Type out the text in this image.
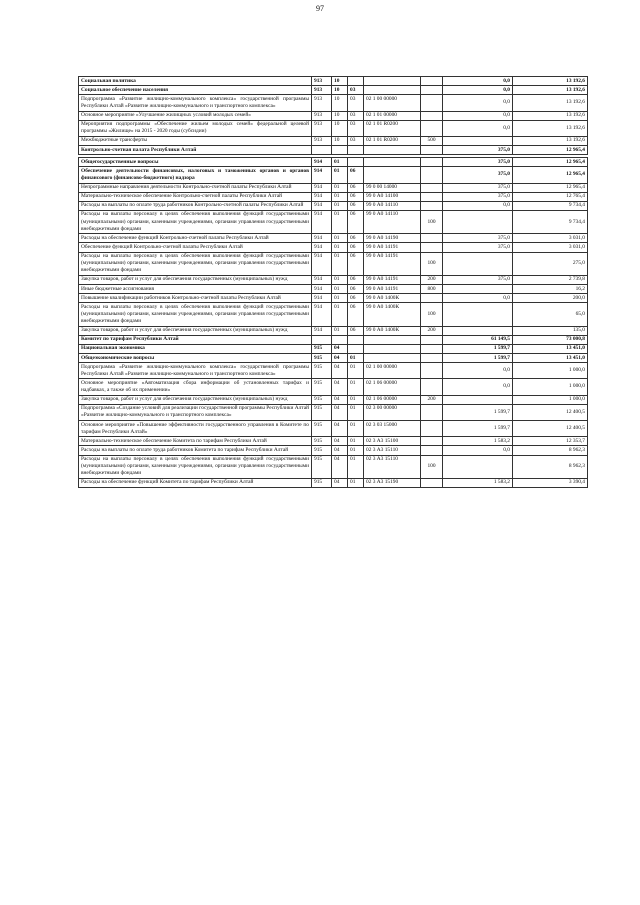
97
Социальная политика	913	10				0,0	13 192,6
Социальное обеспечение населения	913	10	03			0,0	13 192,6
Подпрограмма «Развитие жилищно-коммунального комплекса» государственной программы Республики Алтай «Развитие жилищно-коммунального и транспортного комплекса»	913	10	03	02 1 00 00000		0,0	13 192,6
Основное мероприятие «Улучшение жилищных условий молодых семей»	913	10	03	02 1 01 00000		0,0	13 192,6
Мероприятия подпрограммы «Обеспечение жильем молодых семей» федеральной целевой программы «Жилище» на 2015 - 2020 годы (субсидии)	913	10	03	02 1 01 R0200		0,0	13 192,6
Межбюджетные трансферты	913	10	03	02 1 01 R0200	500		13 192,6
Контрольно-счетная палата Республики Алтай						375,0	12 965,4

Общегосударственные вопросы	914	01				375,0	12 965,4
Обеспечение деятельности финансовых, налоговых и таможенных органов и органов финансового (финансово-бюджетного) надзора	914	01	06			375,0	12 965,4
Непрограммные направления деятельности Контрольно-счетной палаты Республики Алтай	914	01	06	99 0 00 14000		375,0	12 965,4
Материально-техническое обеспечение Контрольно-счетной палаты Республики Алтай	914	01	06	99 0 А0 14100		375,0	12 765,4
Расходы на выплаты по оплате труда работников Контрольно-счетной палаты Республики Алтай	914	01	06	99 0 А0 14110		0,0	9 734,4
Расходы на выплаты персоналу в целях обеспечения выполнения функций государственными (муниципальными) органами, казенными учреждениями, органами управления государственными внебюджетными фондами	914	01	06	99 0 А0 14110	100		9 734,4
Расходы на обеспечение функций Контрольно-счетной палаты Республики Алтай	914	01	06	99 0 А0 14190		375,0	3 031,0
Обеспечение функций Контрольно-счетной палаты Республики Алтай	914	01	06	99 0 А0 14191		375,0	3 031,0
Расходы на выплаты персоналу в целях обеспечения выполнения функций государственными (муниципальными) органами, казенными учреждениями, органами управления государственными внебюджетными фондами	914	01	06	99 0 А0 14191	100		275,0
Закупка товаров, работ и услуг для обеспечения государственных (муниципальных) нужд	914	01	06	99 0 А0 14191	200	375,0	2 739,8
Иные бюджетные ассигнования	914	01	06	99 0 А0 14191	800		16,2
Повышение квалификации работников Контрольно-счетной палаты Республики Алтай	914	01	06	99 0 А0 1400К		0,0	200,0
Расходы на выплаты персоналу в целях обеспечения выполнения функций государственными (муниципальными) органами, казенными учреждениями, органами управления государственными внебюджетными фондами	914	01	06	99 0 А0 1400К	100		65,0
Закупка товаров, работ и услуг для обеспечения государственных (муниципальных) нужд	914	01	06	99 0 А0 1400К	200		135,0
Комитет по тарифам Республики Алтай						61 149,5	73 000,8
Национальная экономика	915	04				1 599,7	13 451,0
Общеэкономические вопросы	915	04	01			1 599,7	13 451,0
Подпрограмма «Развитие жилищно-коммунального комплекса» государственной программы Республики Алтай «Развитие жилищно-коммунального и транспортного комплекса»	915	04	01	02 1 00 00000		0,0	1 000,0
Основное мероприятие «Автоматизация сбора информации об установленных тарифах и надбавках, а также об их применении»	915	04	01	02 1 06 00000		0,0	1 000,0
Закупка товаров, работ и услуг для обеспечения государственных (муниципальных) нужд	915	04	01	02 1 06 00000	200		1 000,0
Подпрограмма «Создание условий для реализации государственной программы Республики Алтай «Развитие жилищно-коммунального и транспортного комплекса»	915	04	01	02 3 00 00000		1 599,7	12 400,5
Основное мероприятие «Повышение эффективности государственного управления в Комитете по тарифам Республики Алтай»	915	04	01	02 3 03 15000		1 599,7	12 400,5
Материально-техническое обеспечение Комитета по тарифам Республики Алтай	915	04	01	02 3 А3 15100		1 583,2	12 353,7
Расходы на выплаты по оплате труда работников Комитета по тарифам Республики Алтай	915	04	01	02 3 А3 15110		0,0	8 962,3
Расходы на выплаты персоналу в целях обеспечения выполнения функций государственными (муниципальными) органами, казенными учреждениями, органами управления государственными внебюджетными фондами	915	04	01	02 3 А3 15110	100		8 962,3
Расходы на обеспечение функций Комитета по тарифам Республики Алтай	915	04	01	02 3 А3 15190		1 583,2	3 390,4
